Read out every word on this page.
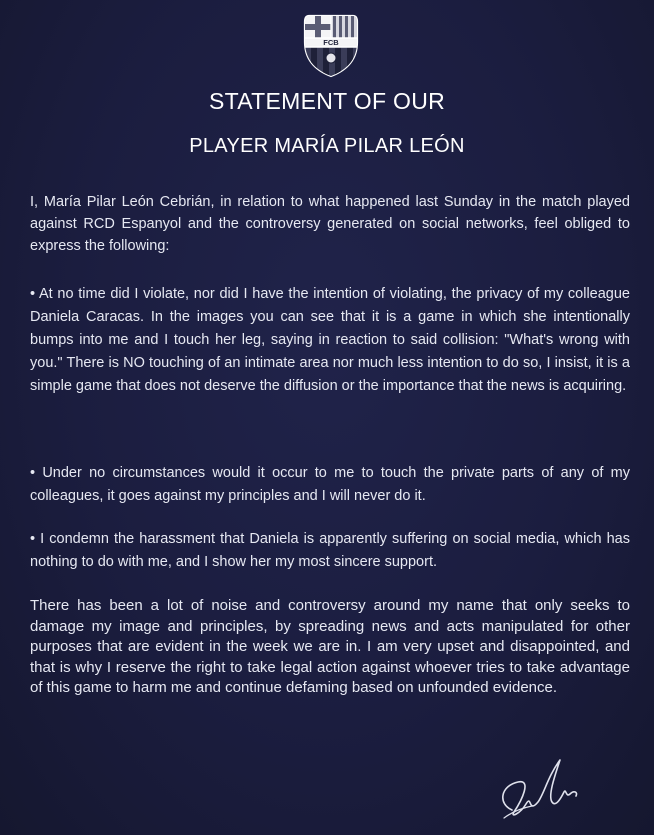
FCB
STATEMENT OF OUR
PLAYER MARÍA PILAR LEÓN
I, María Pilar León Cebrián, in relation to what happened last Sunday in the match played against RCD Espanyol and the controversy generated on social networks, feel obliged to express the following:
• At no time did I violate, nor did I have the intention of violating, the privacy of my colleague Daniela Caracas. In the images you can see that it is a game in which she intentionally bumps into me and I touch her leg, saying in reaction to said collision: "What's wrong with you." There is NO touching of an intimate area nor much less intention to do so, I insist, it is a simple game that does not deserve the diffusion or the importance that the news is acquiring.
• Under no circumstances would it occur to me to touch the private parts of any of my colleagues, it goes against my principles and I will never do it.
• I condemn the harassment that Daniela is apparently suffering on social media, which has nothing to do with me, and I show her my most sincere support.
There has been a lot of noise and controversy around my name that only seeks to damage my image and principles, by spreading news and acts manipulated for other purposes that are evident in the week we are in. I am very upset and disappointed, and that is why I reserve the right to take legal action against whoever tries to take advantage of this game to harm me and continue defaming based on unfounded evidence.
